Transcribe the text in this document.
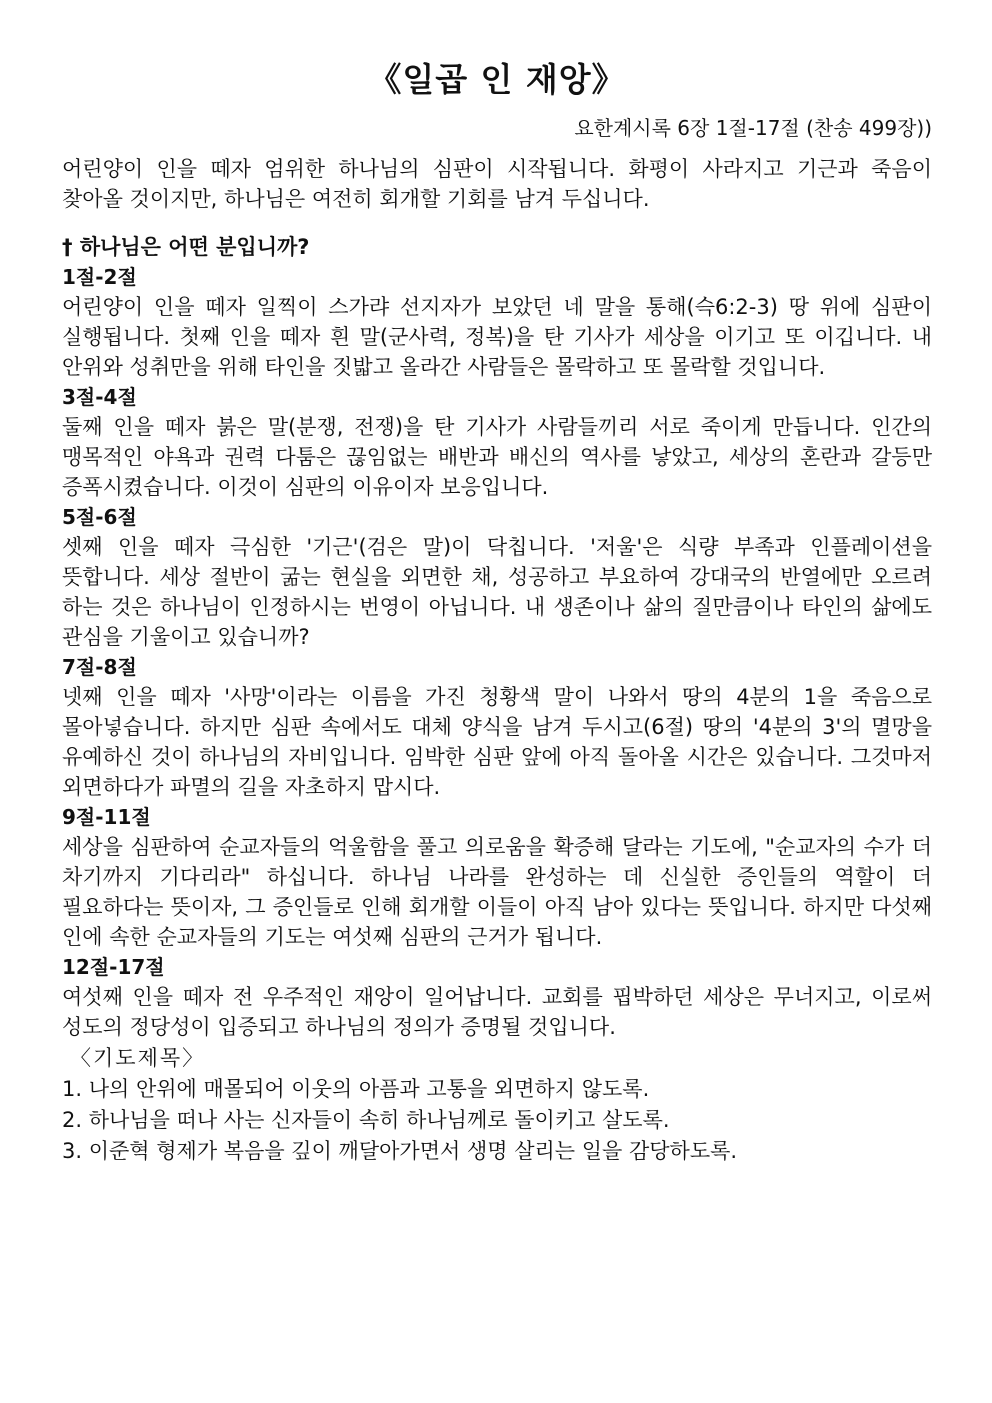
《일곱 인 재앙》
요한계시록 6장 1절-17절 (찬송 499장))

어린양이 인을 떼자 엄위한 하나님의 심판이 시작됩니다. 화평이 사라지고 기근과 죽음이 찾아올 것이지만, 하나님은 여전히 회개할 기회를 남겨 두십니다.

† 하나님은 어떤 분입니까?

1절-2절

어린양이 인을 떼자 일찍이 스가랴 선지자가 보았던 네 말을 통해(슥6:2-3) 땅 위에 심판이 실행됩니다. 첫째 인을 떼자 흰 말(군사력, 정복)을 탄 기사가 세상을 이기고 또 이깁니다. 내 안위와 성취만을 위해 타인을 짓밟고 올라간 사람들은 몰락하고 또 몰락할 것입니다.

3절-4절

둘째 인을 떼자 붉은 말(분쟁, 전쟁)을 탄 기사가 사람들끼리 서로 죽이게 만듭니다. 인간의 맹목적인 야욕과 권력 다툼은 끊임없는 배반과 배신의 역사를 낳았고, 세상의 혼란과 갈등만 증폭시켰습니다. 이것이 심판의 이유이자 보응입니다.

5절-6절

셋째 인을 떼자 극심한 '기근'(검은 말)이 닥칩니다. '저울'은 식량 부족과 인플레이션을 뜻합니다. 세상 절반이 굶는 현실을 외면한 채, 성공하고 부요하여 강대국의 반열에만 오르려 하는 것은 하나님이 인정하시는 번영이 아닙니다. 내 생존이나 삶의 질만큼이나 타인의 삶에도 관심을 기울이고 있습니까?

7절-8절

넷째 인을 떼자 '사망'이라는 이름을 가진 청황색 말이 나와서 땅의 4분의 1을 죽음으로 몰아넣습니다. 하지만 심판 속에서도 대체 양식을 남겨 두시고(6절) 땅의 '4분의 3'의 멸망을 유예하신 것이 하나님의 자비입니다. 임박한 심판 앞에 아직 돌아올 시간은 있습니다. 그것마저 외면하다가 파멸의 길을 자초하지 맙시다.

9절-11절

세상을 심판하여 순교자들의 억울함을 풀고 의로움을 확증해 달라는 기도에, "순교자의 수가 더 차기까지 기다리라" 하십니다. 하나님 나라를 완성하는 데 신실한 증인들의 역할이 더 필요하다는 뜻이자, 그 증인들로 인해 회개할 이들이 아직 남아 있다는 뜻입니다. 하지만 다섯째 인에 속한 순교자들의 기도는 여섯째 심판의 근거가 됩니다.

12절-17절

여섯째 인을 떼자 전 우주적인 재앙이 일어납니다. 교회를 핍박하던 세상은 무너지고, 이로써 성도의 정당성이 입증되고 하나님의 정의가 증명될 것입니다.

〈기도제목〉

1. 나의 안위에 매몰되어 이웃의 아픔과 고통을 외면하지 않도록.

2. 하나님을 떠나 사는 신자들이 속히 하나님께로 돌이키고 살도록.

3. 이준혁 형제가 복음을 깊이 깨달아가면서 생명 살리는 일을 감당하도록.
